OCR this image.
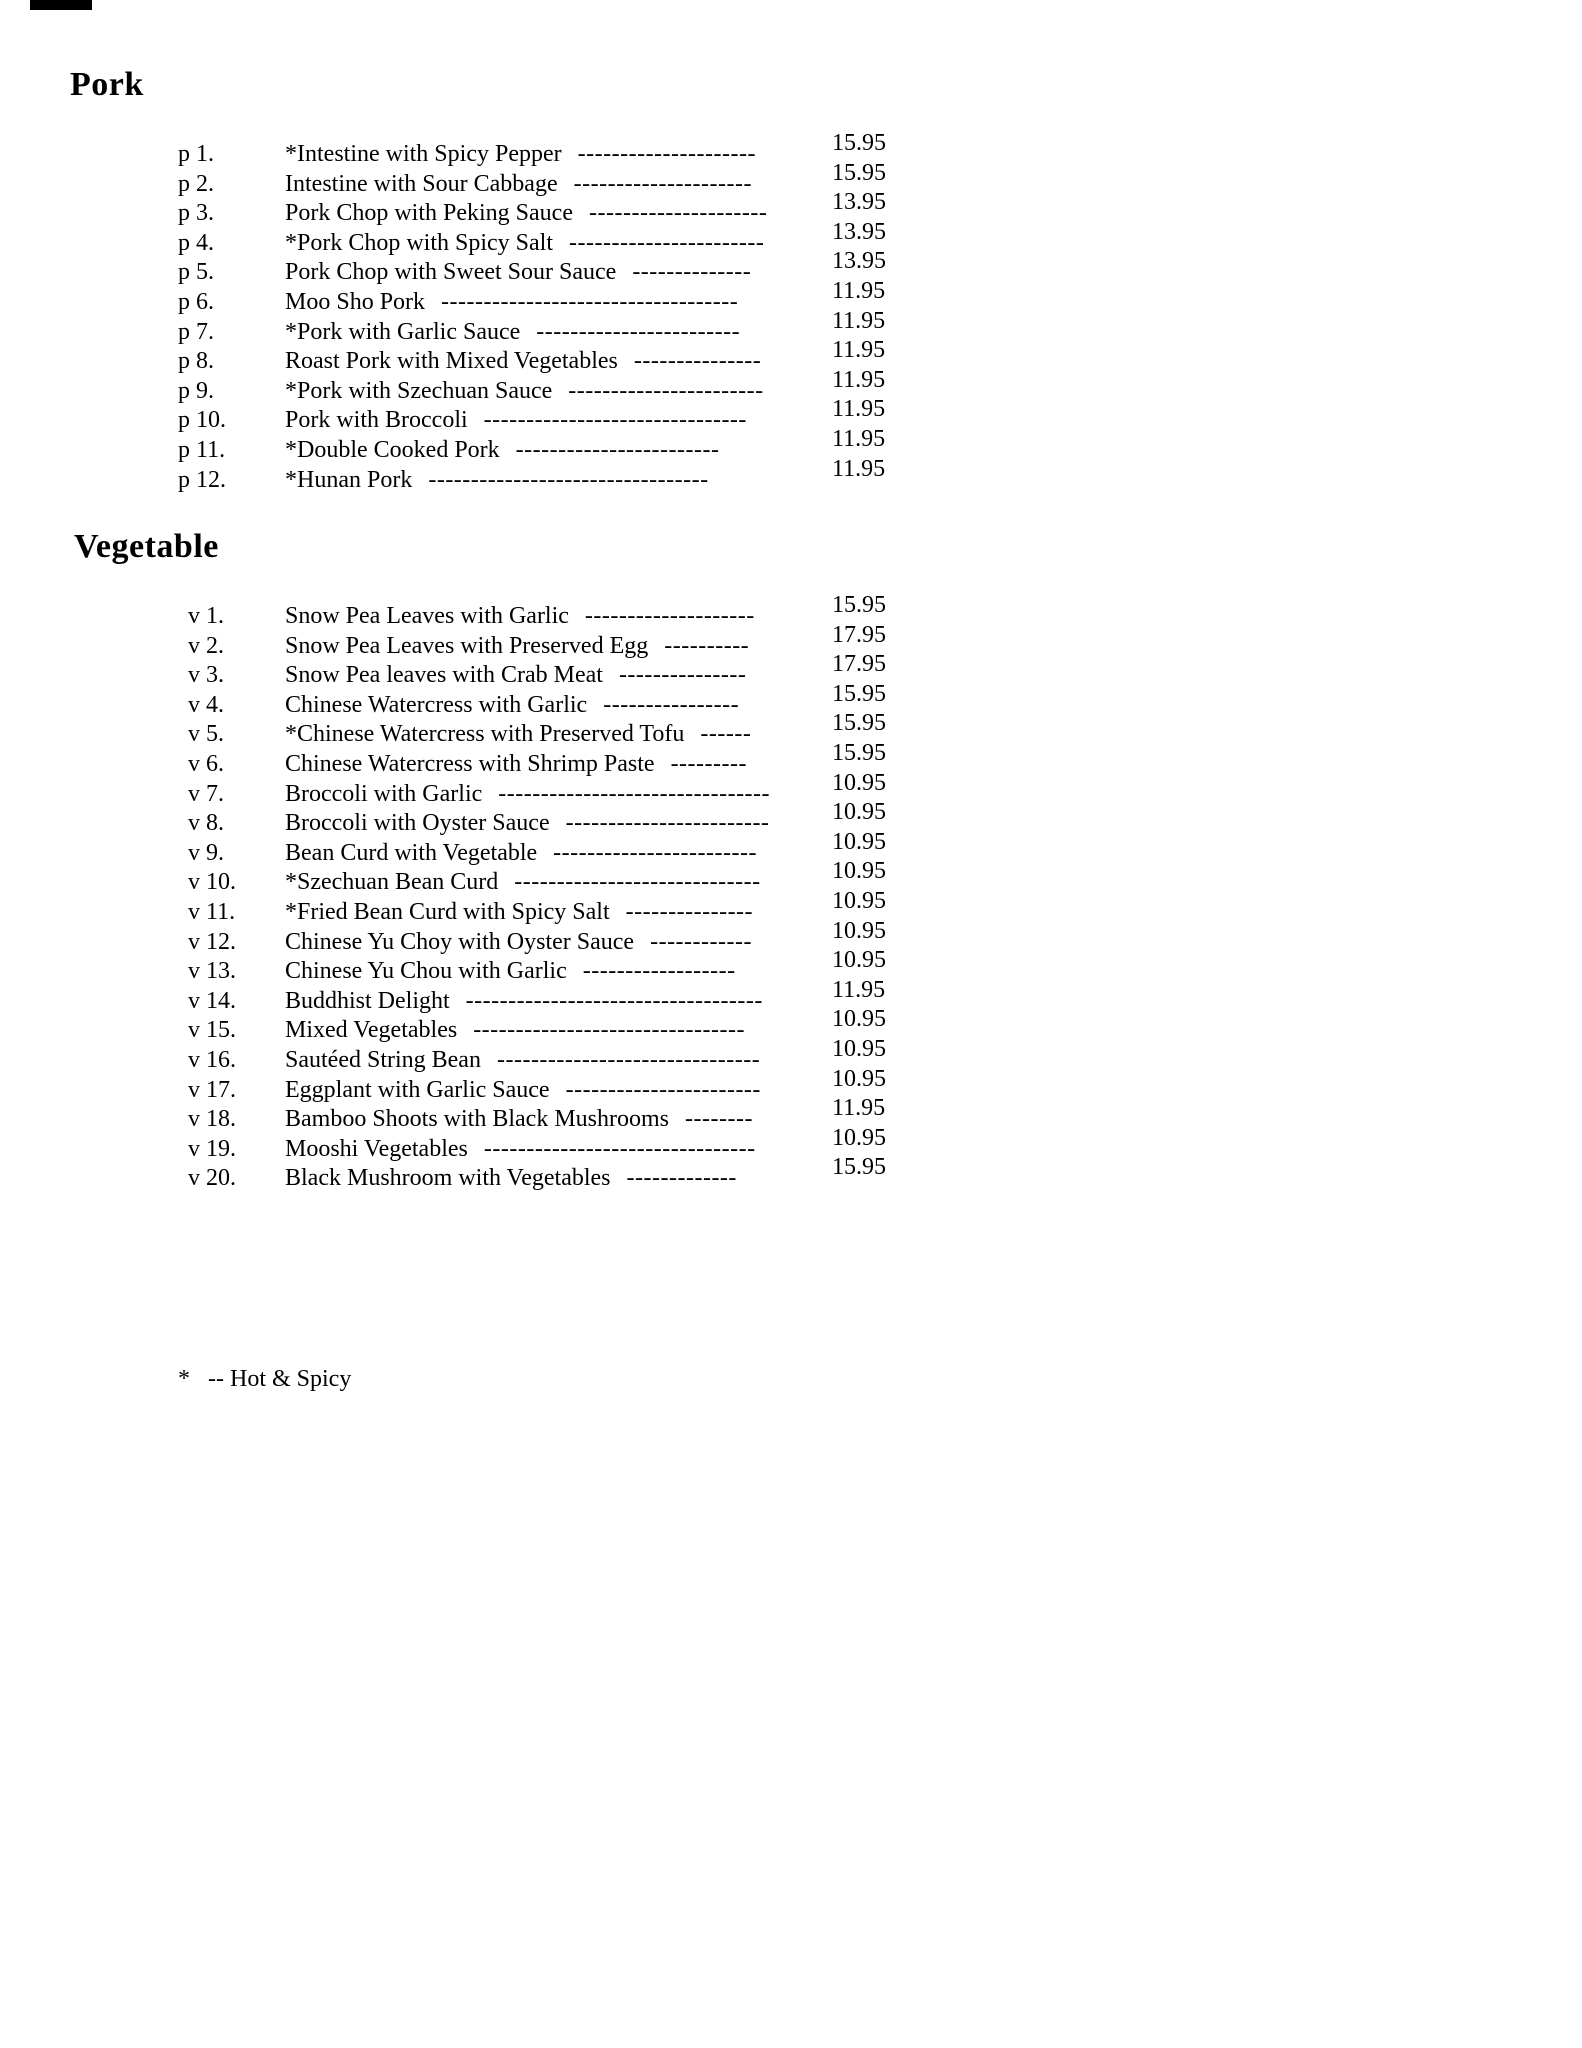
Pork
p 1.	*Intestine with Spicy Pepper ---------------------	15.95
p 2.	Intestine with Sour Cabbage ---------------------	15.95
p 3.	Pork Chop with Peking Sauce ---------------------	13.95
p 4.	*Pork Chop with Spicy Salt -----------------------	13.95
p 5.	Pork Chop with Sweet Sour Sauce --------------	13.95
p 6.	Moo Sho Pork -----------------------------------	11.95
p 7.	*Pork with Garlic Sauce ------------------------	11.95
p 8.	Roast Pork with Mixed Vegetables ---------------	11.95
p 9.	*Pork with Szechuan Sauce -----------------------	11.95
p 10. Pork with Broccoli -------------------------------	11.95
p 11. *Double Cooked Pork ------------------------	11.95
p 12. *Hunan Pork ---------------------------------	11.95
Vegetable
v 1.	Snow Pea Leaves with Garlic --------------------	15.95
v 2.	Snow Pea Leaves with Preserved Egg ----------	17.95
v 3.	Snow Pea leaves with Crab Meat ---------------	17.95
v 4.	Chinese Watercress with Garlic ----------------	15.95
v 5.	*Chinese Watercress with Preserved Tofu ------	15.95
v 6.	Chinese Watercress with Shrimp Paste ---------	15.95
v 7.	Broccoli with Garlic --------------------------------	10.95
v 8.	Broccoli with Oyster Sauce ------------------------	10.95
v 9.	Bean Curd with Vegetable ------------------------	10.95
v 10. *Szechuan Bean Curd -----------------------------	10.95
v 11. *Fried Bean Curd with Spicy Salt ---------------	10.95
v 12. Chinese Yu Choy with Oyster Sauce ------------	10.95
v 13. Chinese Yu Chou with Garlic ------------------	10.95
v 14. Buddhist Delight -----------------------------------	11.95
v 15. Mixed Vegetables --------------------------------	10.95
v 16. Sautéed String Bean -------------------------------	10.95
v 17. Eggplant with Garlic Sauce -----------------------	10.95
v 18. Bamboo Shoots with Black Mushrooms --------	11.95
v 19. Mooshi Vegetables --------------------------------	10.95
v 20. Black Mushroom with Vegetables -------------	15.95
* -- Hot & Spicy
